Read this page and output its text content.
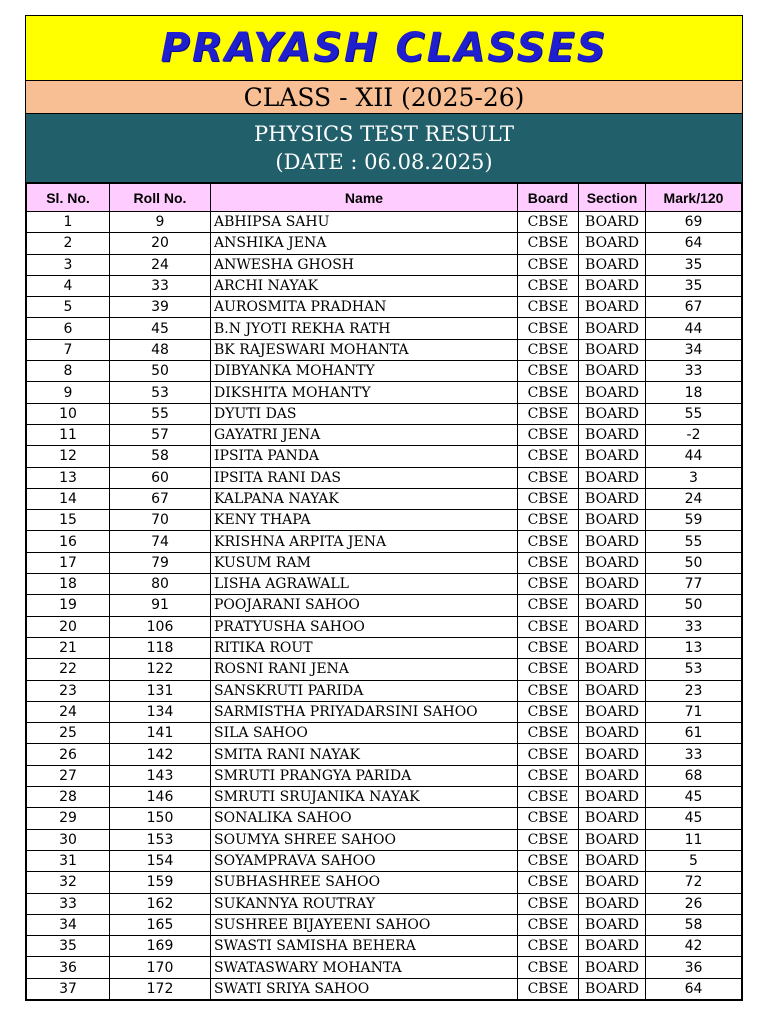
PRAYASH CLASSES
CLASS - XII (2025-26)
PHYSICS TEST RESULT
(DATE : 06.08.2025)
Sl. No.	Roll No.	Name	Board	Section	Mark/120
1	9	ABHIPSA SAHU	CBSE	BOARD	69
2	20	ANSHIKA JENA	CBSE	BOARD	64
3	24	ANWESHA GHOSH	CBSE	BOARD	35
4	33	ARCHI NAYAK	CBSE	BOARD	35
5	39	AUROSMITA PRADHAN	CBSE	BOARD	67
6	45	B.N JYOTI REKHA RATH	CBSE	BOARD	44
7	48	BK RAJESWARI MOHANTA	CBSE	BOARD	34
8	50	DIBYANKA MOHANTY	CBSE	BOARD	33
9	53	DIKSHITA MOHANTY	CBSE	BOARD	18
10	55	DYUTI DAS	CBSE	BOARD	55
11	57	GAYATRI JENA	CBSE	BOARD	-2
12	58	IPSITA PANDA	CBSE	BOARD	44
13	60	IPSITA RANI DAS	CBSE	BOARD	3
14	67	KALPANA NAYAK	CBSE	BOARD	24
15	70	KENY THAPA	CBSE	BOARD	59
16	74	KRISHNA ARPITA JENA	CBSE	BOARD	55
17	79	KUSUM RAM	CBSE	BOARD	50
18	80	LISHA AGRAWALL	CBSE	BOARD	77
19	91	POOJARANI SAHOO	CBSE	BOARD	50
20	106	PRATYUSHA SAHOO	CBSE	BOARD	33
21	118	RITIKA ROUT	CBSE	BOARD	13
22	122	ROSNI RANI JENA	CBSE	BOARD	53
23	131	SANSKRUTI PARIDA	CBSE	BOARD	23
24	134	SARMISTHA PRIYADARSINI SAHOO	CBSE	BOARD	71
25	141	SILA SAHOO	CBSE	BOARD	61
26	142	SMITA RANI NAYAK	CBSE	BOARD	33
27	143	SMRUTI PRANGYA PARIDA	CBSE	BOARD	68
28	146	SMRUTI SRUJANIKA NAYAK	CBSE	BOARD	45
29	150	SONALIKA SAHOO	CBSE	BOARD	45
30	153	SOUMYA SHREE SAHOO	CBSE	BOARD	11
31	154	SOYAMPRAVA SAHOO	CBSE	BOARD	5
32	159	SUBHASHREE SAHOO	CBSE	BOARD	72
33	162	SUKANNYA ROUTRAY	CBSE	BOARD	26
34	165	SUSHREE BIJAYEENI SAHOO	CBSE	BOARD	58
35	169	SWASTI SAMISHA BEHERA	CBSE	BOARD	42
36	170	SWATASWARY MOHANTA	CBSE	BOARD	36
37	172	SWATI SRIYA SAHOO	CBSE	BOARD	64
